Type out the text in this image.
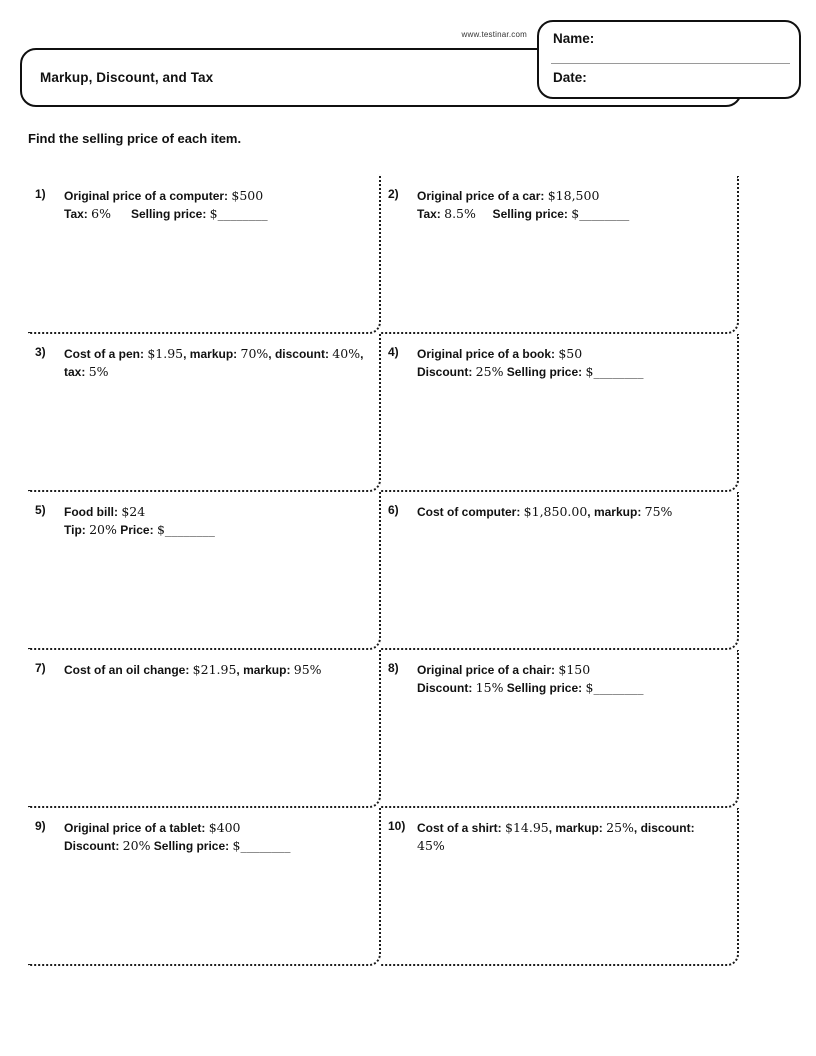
www.testinar.com
Markup, Discount, and Tax
Name:
Date:
Find the selling price of each item.
1)	Original price of a computer: $500
Tax: 6%      Selling price: $________
2)	Original price of a car: $18,500
Tax: 8.5%     Selling price: $________
3)	Cost of a pen: $1.95, markup: 70%, discount: 40%, tax: 5%
4)	Original price of a book: $50
Discount: 25% Selling price: $________
5)	Food bill: $24
Tip: 20% Price: $________
6)	Cost of computer: $1,850.00, markup: 75%
7)	Cost of an oil change: $21.95, markup: 95%	8)	Original price of a chair: $150
Discount: 15% Selling price: $________
9)	Original price of a tablet: $400
Discount: 20% Selling price: $________
10) Cost of a shirt: $14.95, markup: 25%, discount: 45%
